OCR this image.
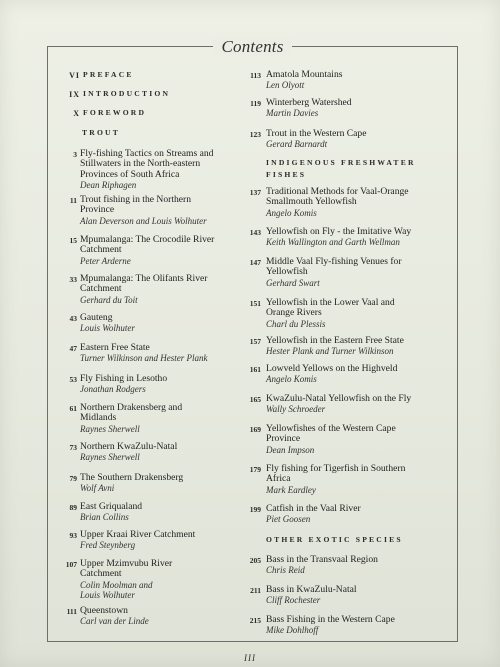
Contents
VI PREFACE
IX INTRODUCTION
X FOREWORD
TROUT
3 Fly-fishing Tactics on Streams and
Stillwaters in the North-eastern
Provinces of South Africa
Dean Riphagen
11 Trout fishing in the Northern
Province
Alan Deverson and Louis Wolhuter
15 Mpumalanga: The Crocodile River
Catchment
Peter Arderne
33 Mpumalanga: The Olifants River
Catchment
Gerhard du Toit
43 Gauteng
Louis Wolhuter
47 Eastern Free State
Turner Wilkinson and Hester Plank
53 Fly Fishing in Lesotho
Jonathan Rodgers
61 Northern Drakensberg and
Midlands
Raynes Sherwell
73 Northern KwaZulu-Natal
Raynes Sherwell
79 The Southern Drakensberg
Wolf Avni
89 East Griqualand
Brian Collins
93 Upper Kraai River Catchment
Fred Steynberg
107 Upper Mzimvubu River
Catchment
Colin Moolman and
Louis Wolhuter
111 Queenstown
Carl van der Linde
113 Amatola Mountains
Len Olyott
119 Winterberg Watershed
Martin Davies
123 Trout in the Western Cape
Gerard Barnardt
INDIGENOUS FRESHWATER
FISHES
137 Traditional Methods for Vaal-Orange
Smallmouth Yellowfish
Angelo Komis
143 Yellowfish on Fly - the Imitative Way
Keith Wallington and Garth Wellman
147 Middle Vaal Fly-fishing Venues for
Yellowfish
Gerhard Swart
151 Yellowfish in the Lower Vaal and
Orange Rivers
Charl du Plessis
157 Yellowfish in the Eastern Free State
Hester Plank and Turner Wilkinson
161 Lowveld Yellows on the Highveld
Angelo Komis
165 KwaZulu-Natal Yellowfish on the Fly
Wally Schroeder
169 Yellowfishes of the Western Cape
Province
Dean Impson
179 Fly fishing for Tigerfish in Southern
Africa
Mark Eardley
199 Catfish in the Vaal River
Piet Goosen
OTHER EXOTIC SPECIES
205 Bass in the Transvaal Region
Chris Reid
211 Bass in KwaZulu-Natal
Cliff Rochester
215 Bass Fishing in the Western Cape
Mike Dohlhoff
III
